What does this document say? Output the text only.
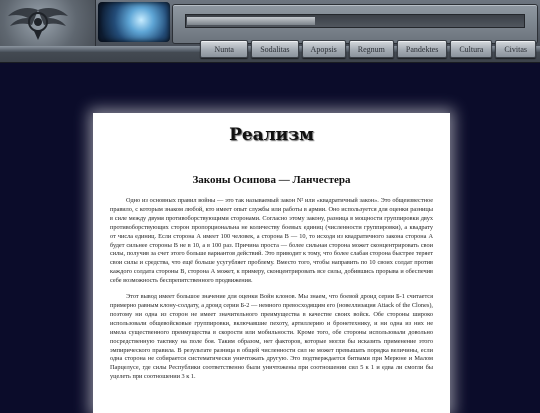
Nunta	Sodalitas	Apopsis	Regnum	Pandektes	Cultura	Civitas
Реализм
Законы Осипова — Ланчестера

Одно из основных правил войны — это так называемый закон N² или «квадратичный закон». Это общеизвестное правило, с которым знаком любой, кто имеет опыт службы или работы в армии. Оно используется для оценки разницы в силе между двумя противоборствующими сторонами. Согласно этому закону, разница в мощности группировки двух противоборствующих сторон пропорциональна не количеству боевых единиц (численности группировки), а квадрату от числа единиц. Если сторона А имеет 100 человек, а сторона В — 10, то исходя из квадратичного закона сторона А будет сильнее стороны В не в 10, а в 100 раз. Причина проста — более сильная сторона может сконцентрировать свои силы, получив за счет этого больше вариантов действий. Это приводит к тому, что более слабая сторона быстрее теряет свои силы и средства, что ещё больше усугубляет проблему. Вместо того, чтобы направить по 10 своих солдат против каждого солдата стороны В, сторона А может, к примеру, сконцентрировать все силы, добившись прорыва и обеспечив себе возможность беспрепятственного продвижения.

Этот вывод имеет большое значение для оценки Войн клонов. Мы знаем, что боевой дроид серии Б-1 считается примерно равным клону-солдату, а дроид серии Б-2 — немного превосходящим его (новеллизация Attack of the Clones), поэтому ни одна из сторон не имеет значительного преимущества в качестве своих войск. Обе стороны широко использовали общевойсковые группировки, включавшие пехоту, артиллерию и бронетехнику, и ни одна из них не имела существенного преимущества в скорости или мобильности. Кроме того, обе стороны использовали довольно посредственную тактику на поле боя. Таким образом, нет факторов, которые могли бы исказить применение этого эмпирического правила. В результате разница в общей численности сил не может превышать порядка величины, если одна сторона не собирается систематически уничтожать другую. Это подтверждается битвами при Мерюне и Малом Парцелусе, где силы Республики соответственно были уничтожены при соотношении сил 5 к 1 и едва ли смогли бы уцелеть при соотношении 3 к 1.
